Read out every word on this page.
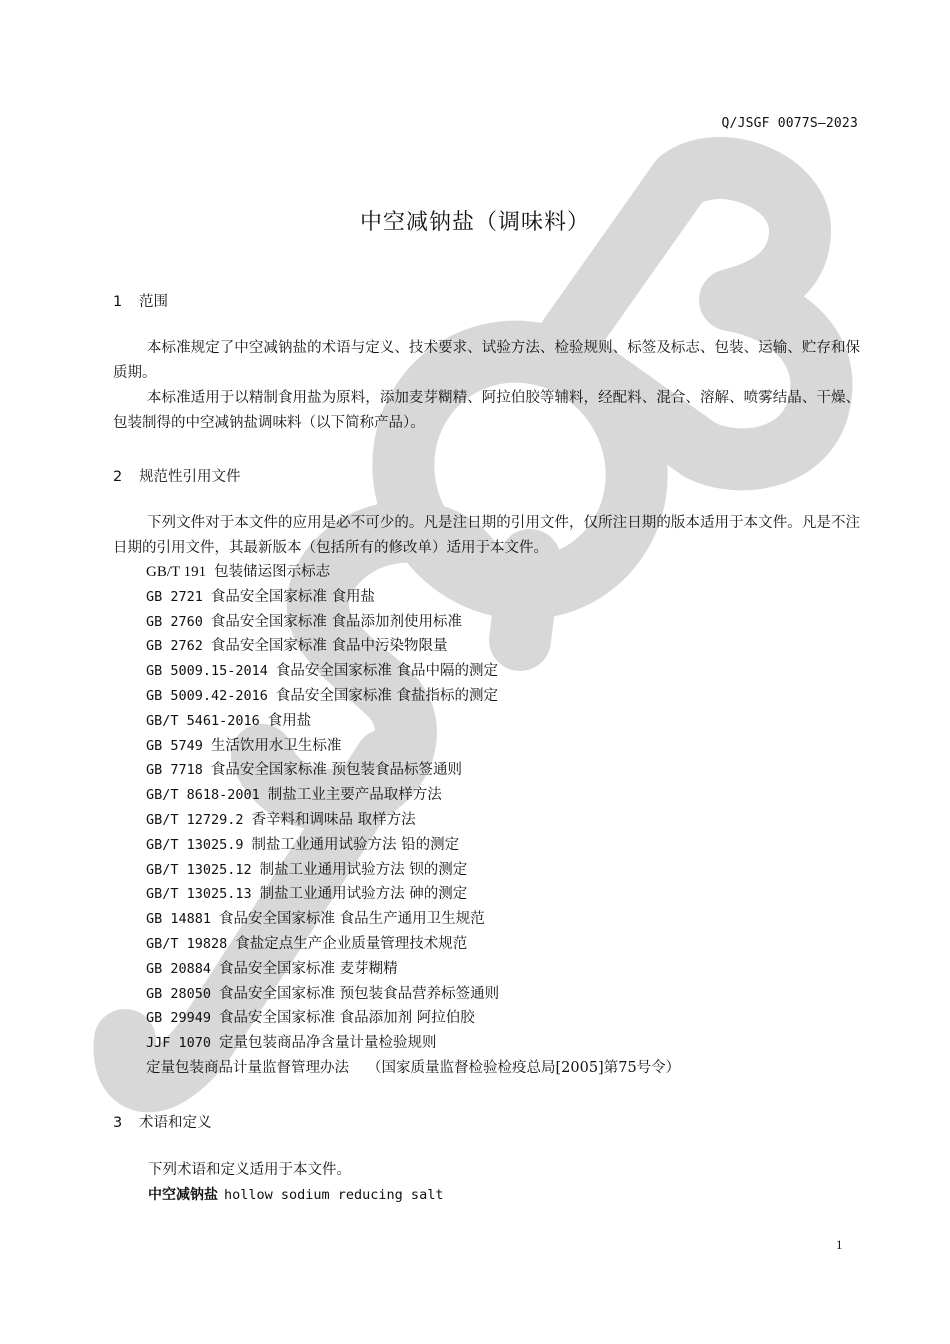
Q/JSGF 0077S—2023
中空减钠盐（调味料）
1 范围

本标准规定了中空减钠盐的术语与定义、技术要求、试验方法、检验规则、标签及标志、包装、运输、贮存和保质期。

本标准适用于以精制食用盐为原料，添加麦芽糊精、阿拉伯胶等辅料，经配料、混合、溶解、喷雾结晶、干燥、包装制得的中空减钠盐调味料（以下简称产品）。

2 规范性引用文件

下列文件对于本文件的应用是必不可少的。凡是注日期的引用文件，仅所注日期的版本适用于本文件。凡是不注日期的引用文件，其最新版本（包括所有的修改单）适用于本文件。

GB/T 191 包装储运图示标志
GB 2721 食品安全国家标准 食用盐
GB 2760 食品安全国家标准 食品添加剂使用标准
GB 2762 食品安全国家标准 食品中污染物限量
GB 5009.15-2014 食品安全国家标准 食品中隔的测定
GB 5009.42-2016 食品安全国家标准 食盐指标的测定
GB/T 5461-2016 食用盐
GB 5749 生活饮用水卫生标准
GB 7718 食品安全国家标准 预包装食品标签通则
GB/T 8618-2001 制盐工业主要产品取样方法
GB/T 12729.2 香辛料和调味品 取样方法
GB/T 13025.9 制盐工业通用试验方法 铅的测定
GB/T 13025.12 制盐工业通用试验方法 钡的测定
GB/T 13025.13 制盐工业通用试验方法 砷的测定
GB 14881 食品安全国家标准 食品生产通用卫生规范
GB/T 19828 食盐定点生产企业质量管理技术规范
GB 20884 食品安全国家标准 麦芽糊精
GB 28050 食品安全国家标准 预包装食品营养标签通则
GB 29949 食品安全国家标准 食品添加剂 阿拉伯胶
JJF 1070 定量包装商品净含量计量检验规则
定量包装商品计量监督管理办法 （国家质量监督检验检疫总局[2005]第75号令）
3 术语和定义
下列术语和定义适用于本文件。
中空减钠盐 hollow sodium reducing salt
1
